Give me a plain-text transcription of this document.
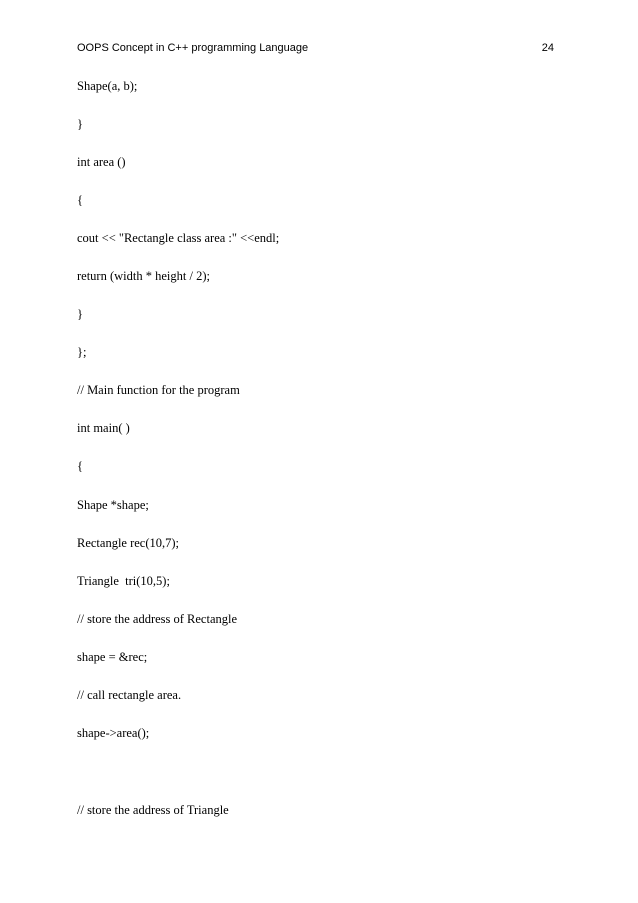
OOPS Concept in C++ programming Language	24

Shape(a, b);

}

int area ()

{

cout << "Rectangle class area :" <<endl;

return (width * height / 2);

}

};

// Main function for the program

int main( )

{

Shape *shape;

Rectangle rec(10,7);

Triangle  tri(10,5);

// store the address of Rectangle

shape = &rec;

// call rectangle area.

shape->area();

// store the address of Triangle
